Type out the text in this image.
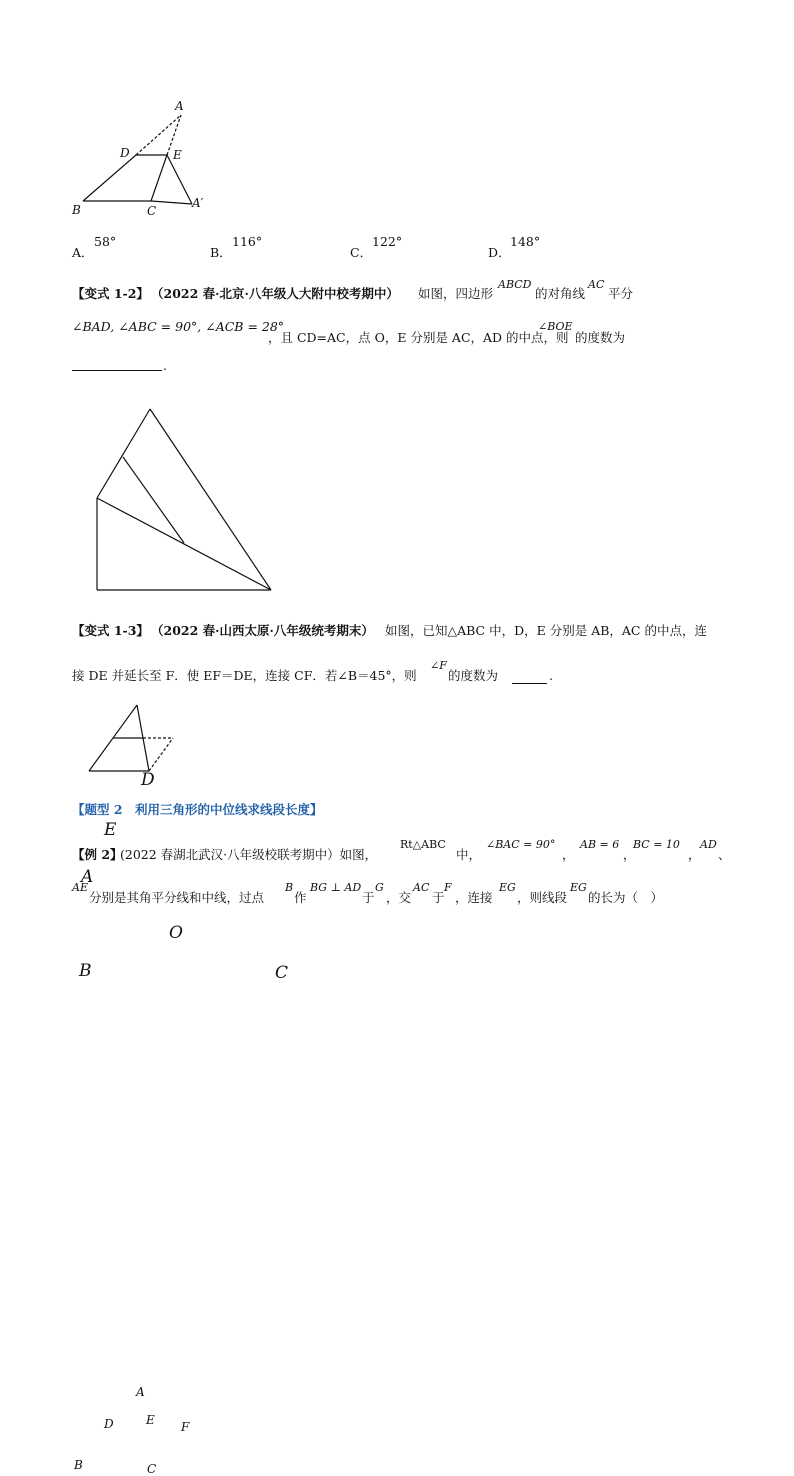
A
D	E
B	C
A′
A．
58°
B．
116°
C．
122°
D．
148°
【变式 1-2】 （2022 春·北京·八年级人大附中校考期中） 如图，四边形
ABCD
的对角线
AC
平分
∠BAD, ∠ABC = 90°, ∠ACB = 28°
，且 CD=AC，点 O，E 分别是 AC，AD 的中点，则
∠BOE
的度数为
.
D
E
A
O
B	C
【变式 1-3】 （2022 春·山西太原·八年级统考期末） 如图，已知△ABC 中，D，E 分别是 AB，AC 的中点，连
接 DE 并延长至 F．使 EF＝DE，连接 CF．若∠B＝45°，则
∠F
的度数为	.
A
D	E F
B	C
【题型 2　利用三角形的中位线求线段长度】
【例 2】
(2022 春湖北武汉·八年级校联考期中）如图，
Rt△ABC
中，
∠BAC = 90°
，
AB = 6
，
BC = 10
，
AD
、
AE
分别是其角平分线和中线，过点
B
作
BG ⊥ AD
于
G
，交
AC
于
F
，连接
EG
，则线段
EG
的长为（　）
